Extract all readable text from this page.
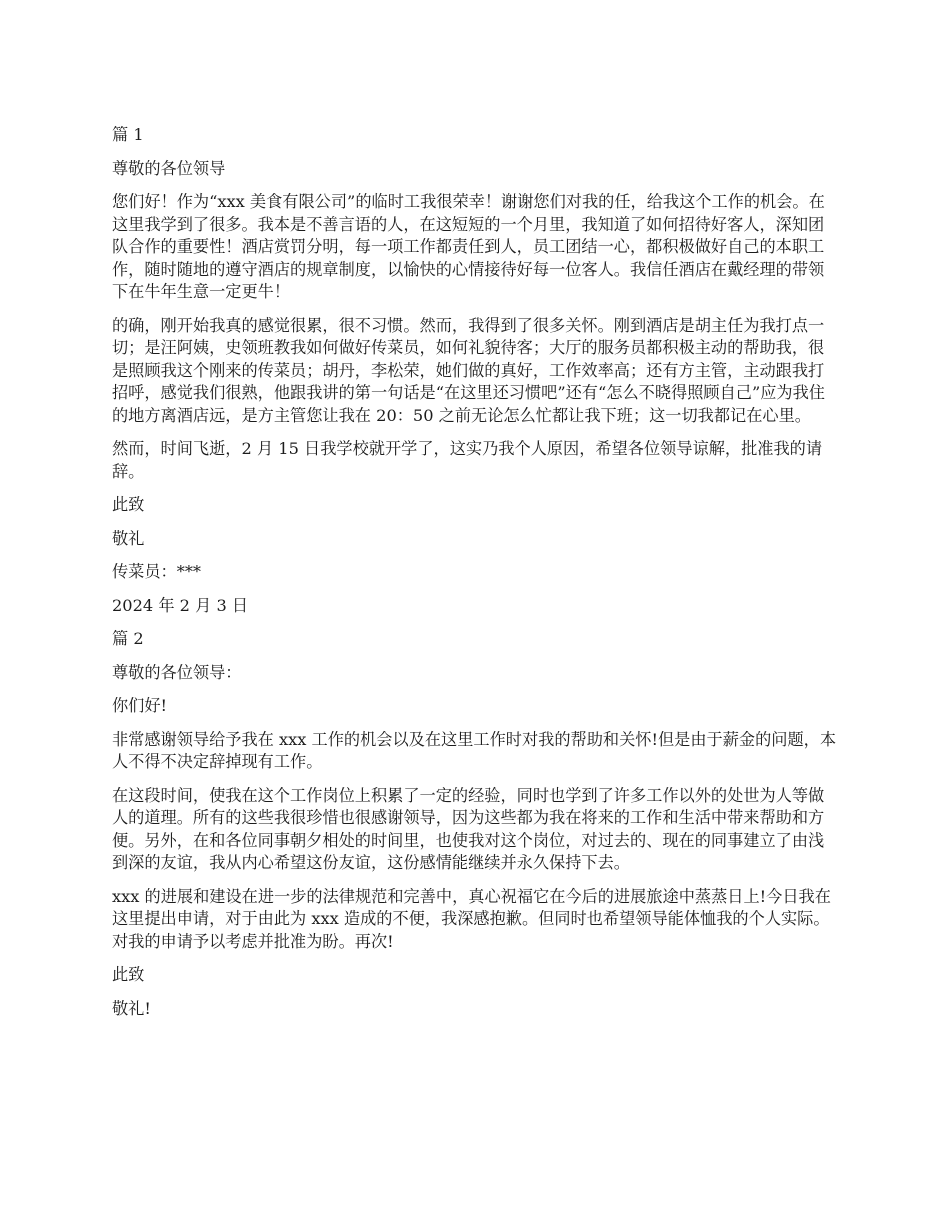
篇 1

尊敬的各位领导

您们好！作为“xxx 美食有限公司”的临时工我很荣幸！谢谢您们对我的任，给我这个工作的机会。在这里我学到了很多。我本是不善言语的人，在这短短的一个月里，我知道了如何招待好客人，深知团队合作的重要性！酒店赏罚分明，每一项工作都责任到人，员工团结一心，都积极做好自己的本职工作，随时随地的遵守酒店的规章制度，以愉快的心情接待好每一位客人。我信任酒店在戴经理的带领下在牛年生意一定更牛！

的确，刚开始我真的感觉很累，很不习惯。然而，我得到了很多关怀。刚到酒店是胡主任为我打点一切；是汪阿姨，史领班教我如何做好传菜员，如何礼貌待客；大厅的服务员都积极主动的帮助我，很是照顾我这个刚来的传菜员；胡丹，李松荣，她们做的真好，工作效率高；还有方主管，主动跟我打招呼，感觉我们很熟，他跟我讲的第一句话是“在这里还习惯吧”还有“怎么不晓得照顾自己”应为我住的地方离酒店远，是方主管您让我在 20：50 之前无论怎么忙都让我下班；这一切我都记在心里。

然而，时间飞逝，2 月 15 日我学校就开学了，这实乃我个人原因，希望各位领导谅解，批准我的请辞。

此致

敬礼

传菜员：***

2024 年 2 月 3 日

篇 2

尊敬的各位领导：

你们好!

非常感谢领导给予我在 xxx 工作的机会以及在这里工作时对我的帮助和关怀!但是由于薪金的问题，本人不得不决定辞掉现有工作。

在这段时间，使我在这个工作岗位上积累了一定的经验，同时也学到了许多工作以外的处世为人等做人的道理。所有的这些我很珍惜也很感谢领导，因为这些都为我在将来的工作和生活中带来帮助和方便。另外，在和各位同事朝夕相处的时间里，也使我对这个岗位，对过去的、现在的同事建立了由浅到深的友谊，我从内心希望这份友谊，这份感情能继续并永久保持下去。

xxx 的进展和建设在进一步的法律规范和完善中，真心祝福它在今后的进展旅途中蒸蒸日上!今日我在这里提出申请，对于由此为 xxx 造成的不便，我深感抱歉。但同时也希望领导能体恤我的个人实际。对我的申请予以考虑并批准为盼。再次!

此致

敬礼!
